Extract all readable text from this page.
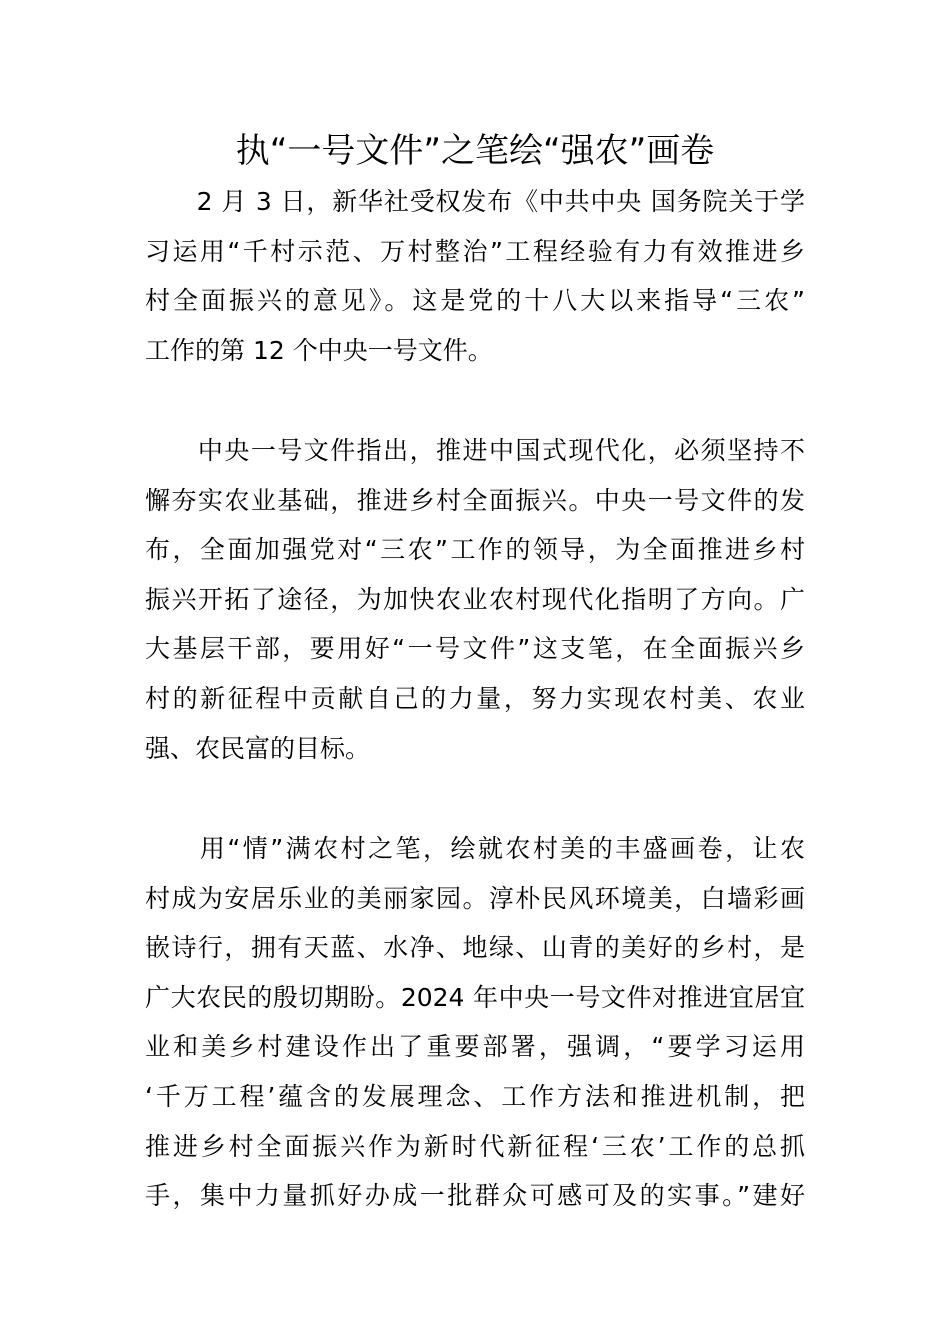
执“一号文件”之笔绘“强农”画卷
　　2 月 3 日，新华社受权发布《中共中央 国务院关于学
习运用“千村示范、万村整治”工程经验有力有效推进乡
村全面振兴的意见》。这是党的十八大以来指导“三农”
工作的第 12 个中央一号文件。
　　中央一号文件指出，推进中国式现代化，必须坚持不
懈夯实农业基础，推进乡村全面振兴。中央一号文件的发
布，全面加强党对“三农”工作的领导，为全面推进乡村
振兴开拓了途径，为加快农业农村现代化指明了方向。广
大基层干部，要用好“一号文件”这支笔，在全面振兴乡
村的新征程中贡献自己的力量，努力实现农村美、农业
强、农民富的目标。
　　用“情”满农村之笔，绘就农村美的丰盛画卷，让农
村成为安居乐业的美丽家园。淳朴民风环境美，白墙彩画
嵌诗行，拥有天蓝、水净、地绿、山青的美好的乡村，是
广大农民的殷切期盼。2024 年中央一号文件对推进宜居宜
业和美乡村建设作出了重要部署，强调，“要学习运用
‘千万工程’蕴含的发展理念、工作方法和推进机制，把
推进乡村全面振兴作为新时代新征程‘三农’工作的总抓
手，集中力量抓好办成一批群众可感可及的实事。”建好
